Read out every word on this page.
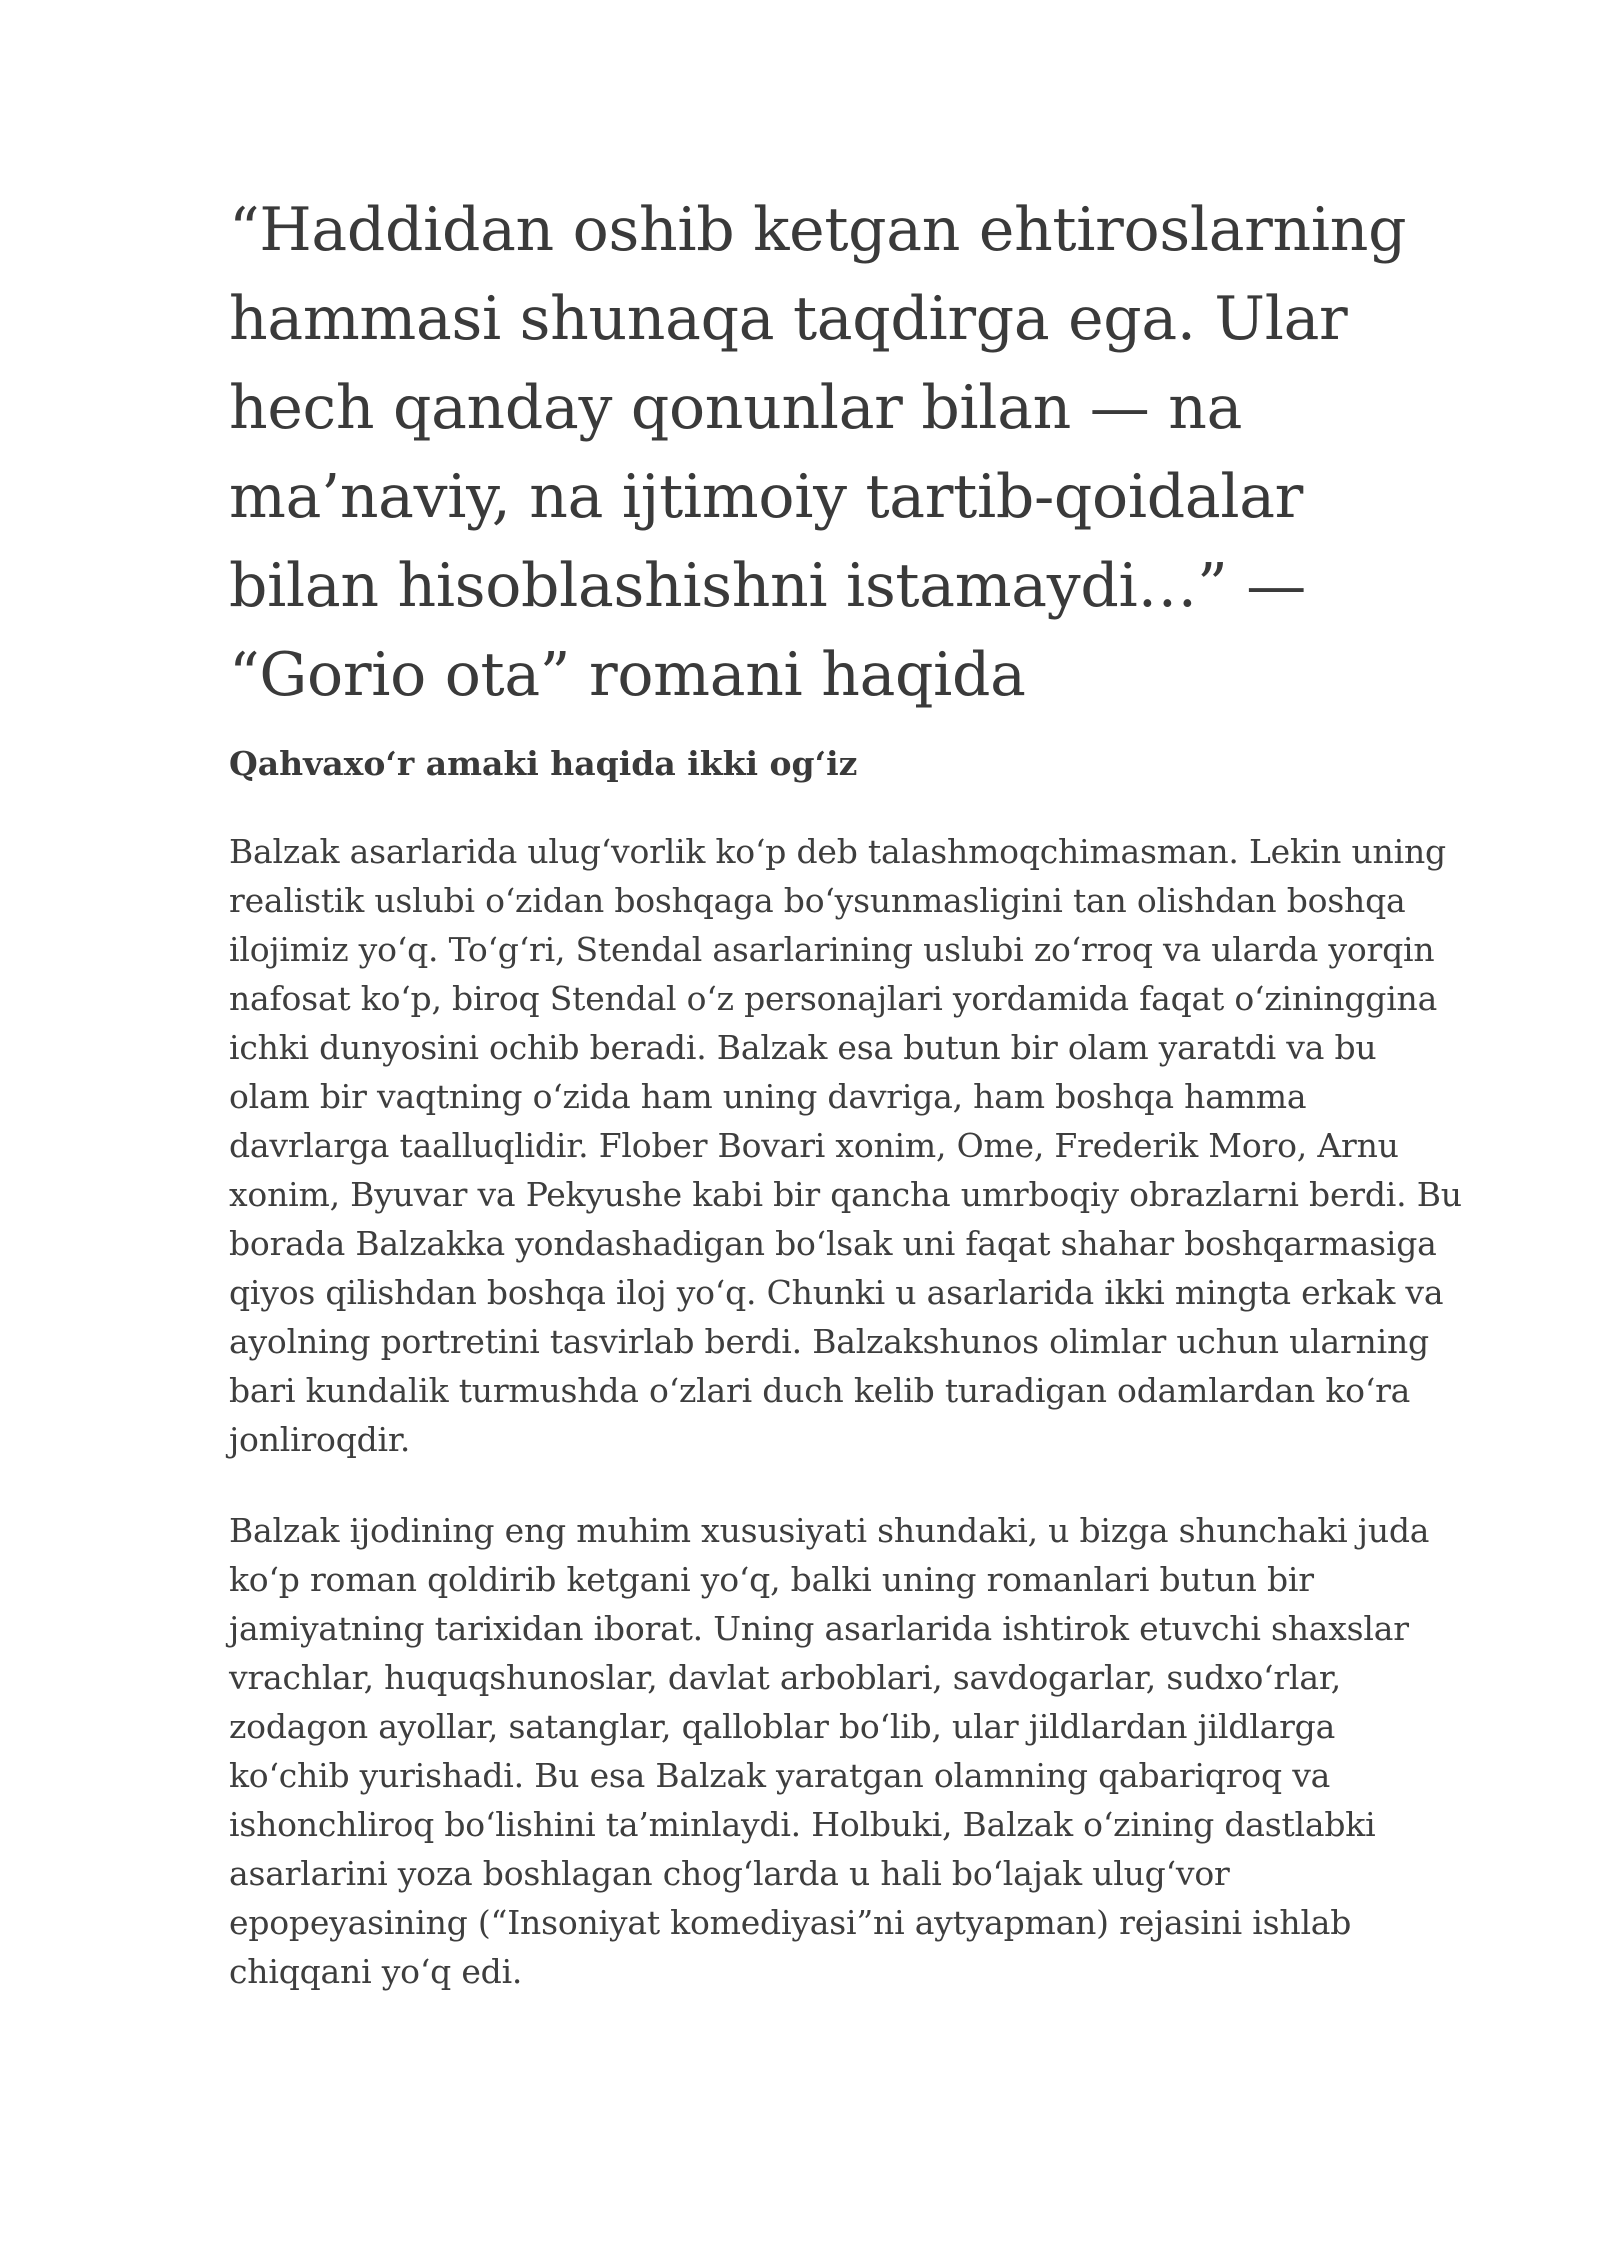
“Haddidan oshib ketgan ehtiroslarning hammasi shunaqa taqdirga ega. Ular hech qanday qonunlar bilan — na ma’naviy, na ijtimoiy tartib-qoidalar bilan hisoblashishni istamaydi…” — “Gorio ota” romani haqida
Qahvaxo‘r amaki haqida ikki og‘iz

Balzak asarlarida ulug‘vorlik ko‘p deb talashmoqchimasman. Lekin uning realistik uslubi o‘zidan boshqaga bo‘ysunmasligini tan olishdan boshqa ilojimiz yo‘q. To‘g‘ri, Stendal asarlarining uslubi zo‘rroq va ularda yorqin nafosat ko‘p, biroq Stendal o‘z personajlari yordamida faqat o‘zininggina ichki dunyosini ochib beradi. Balzak esa butun bir olam yaratdi va bu olam bir vaqtning o‘zida ham uning davriga, ham boshqa hamma davrlarga taalluqlidir. Flober Bovari xonim, Ome, Frederik Moro, Arnu xonim, Byuvar va Pekyushe kabi bir qancha umrboqiy obrazlarni berdi. Bu borada Balzakka yondashadigan bo‘lsak uni faqat shahar boshqarmasiga qiyos qilishdan boshqa iloj yo‘q. Chunki u asarlarida ikki mingta erkak va ayolning portretini tasvirlab berdi. Balzakshunos olimlar uchun ularning bari kundalik turmushda o‘zlari duch kelib turadigan odamlardan ko‘ra jonliroqdir.

Balzak ijodining eng muhim xususiyati shundaki, u bizga shunchaki juda ko‘p roman qoldirib ketgani yo‘q, balki uning romanlari butun bir jamiyatning tarixidan iborat. Uning asarlarida ishtirok etuvchi shaxslar vrachlar, huquqshunoslar, davlat arboblari, savdogarlar, sudxo‘rlar, zodagon ayollar, satanglar, qalloblar bo‘lib, ular jildlardan jildlarga ko‘chib yurishadi. Bu esa Balzak yaratgan olamning qabariqroq va ishonchliroq bo‘lishini ta’minlaydi. Holbuki, Balzak o‘zining dastlabki asarlarini yoza boshlagan chog‘larda u hali bo‘lajak ulug‘vor epopeyasining (“Insoniyat komediyasi”ni aytyapman) rejasini ishlab chiqqani yo‘q edi.
